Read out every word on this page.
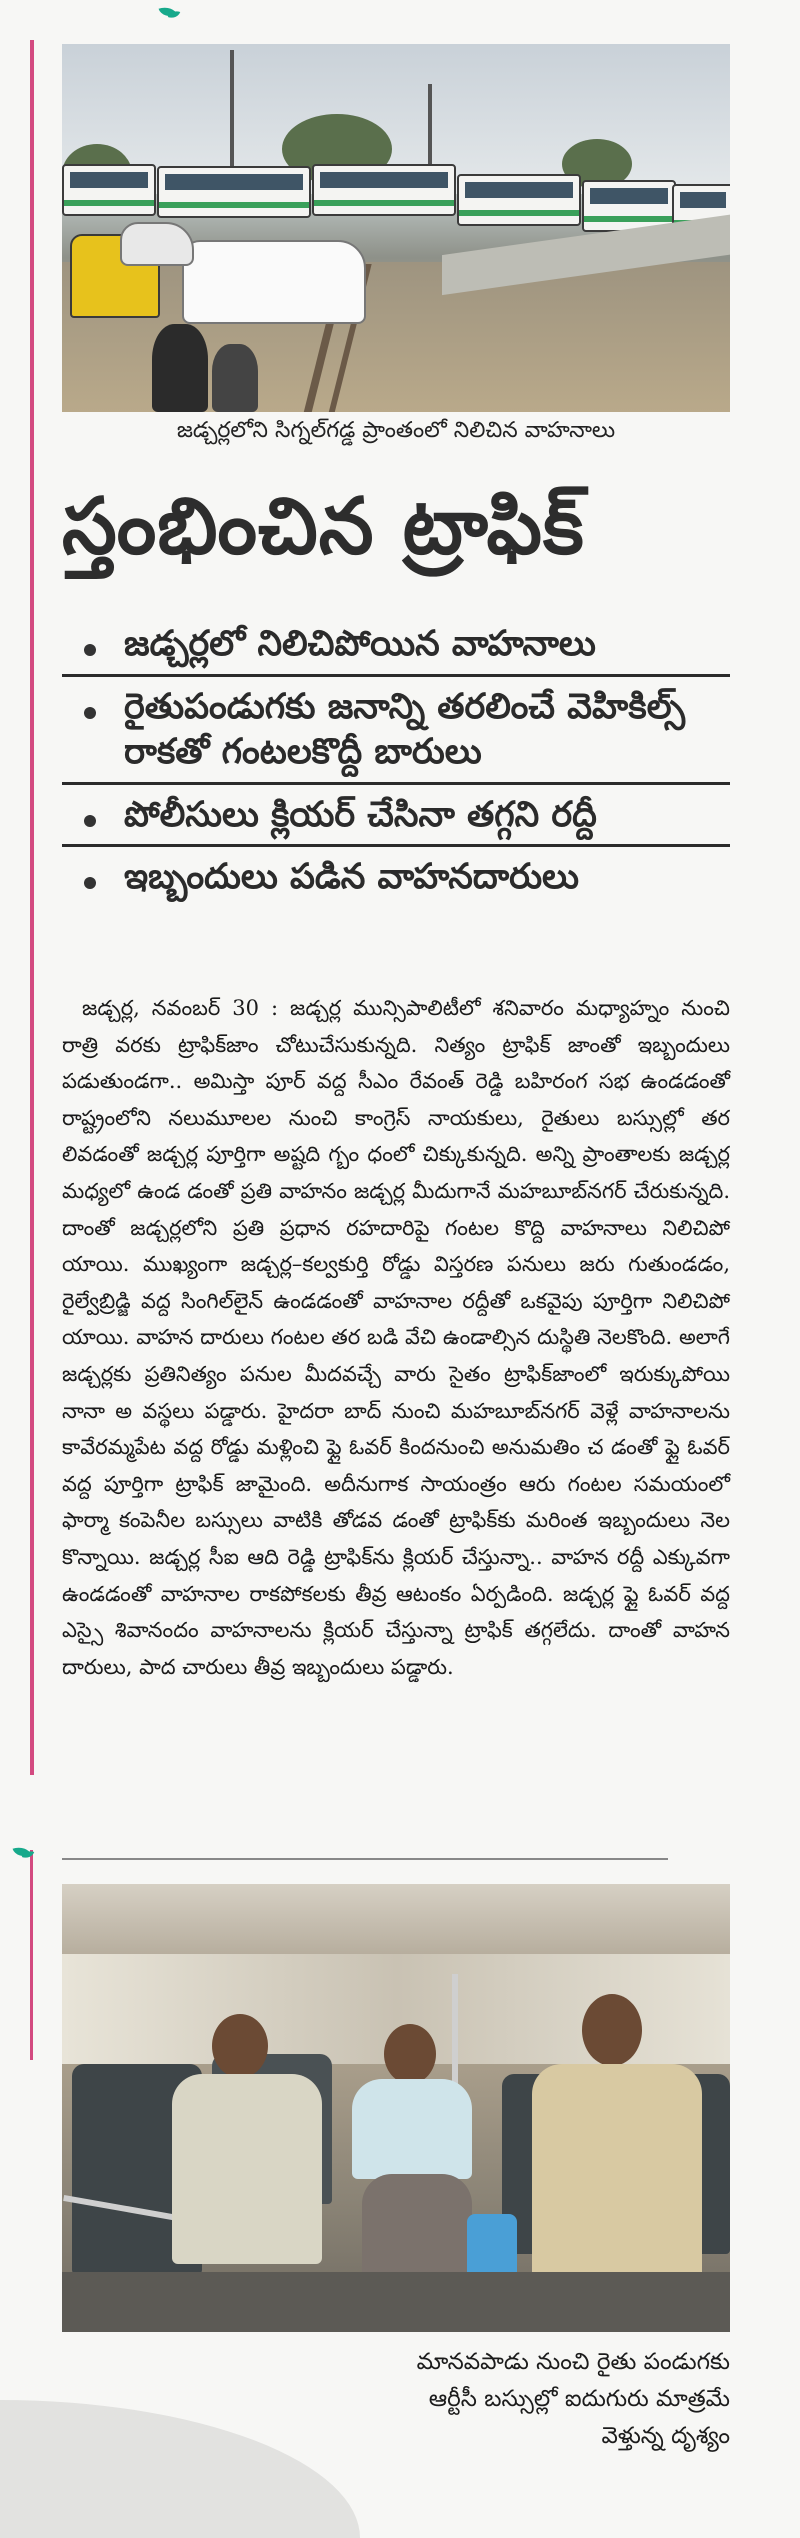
జడ్చర్లలోని సిగ్నల్‌గడ్డ ప్రాంతంలో నిలిచిన వాహనాలు
స్తంభించిన ట్రాఫిక్‌
జడ్చర్లలో నిలిచిపోయిన వాహనాలు
రైతుపండుగకు జనాన్ని తరలించే వెహికిల్స్‌ రాకతో గంటలకొద్దీ బారులు
పోలీసులు క్లియర్‌ చేసినా తగ్గని రద్దీ
ఇబ్బందులు పడిన వాహనదారులు

జడ్చర్ల, నవంబర్‌ 30 : జడ్చర్ల మున్సిపాలిటీలో శనివారం మధ్యాహ్నం నుంచి రాత్రి వరకు ట్రాఫిక్‌జాం చోటుచేసుకున్నది. నిత్యం ట్రాఫిక్‌ జాంతో ఇబ్బందులు పడుతుండగా.. అమిస్తా పూర్‌ వద్ద సీఎం రేవంత్‌ రెడ్డి బహిరంగ సభ ఉండడంతో రాష్ట్రంలోని నలుమూలల నుంచి కాంగ్రెస్‌ నాయకులు, రైతులు బస్సుల్లో తర లివడంతో జడ్చర్ల పూర్తిగా అష్టది గ్బం ధంలో చిక్కుకున్నది. అన్ని ప్రాంతాలకు జడ్చర్ల మధ్యలో ఉండ డంతో ప్రతి వాహనం జడ్చర్ల మీదుగానే మహబూబ్‌నగర్‌ చేరుకున్నది. దాంతో జడ్చర్లలోని ప్రతి ప్రధాన రహదారిపై గంటల కొద్ది వాహనాలు నిలిచిపో యాయి. ముఖ్యంగా జడ్చర్ల–కల్వకుర్తి రోడ్డు విస్తరణ పనులు జరు గుతుండడం, రైల్వేబ్రిడ్జి వద్ద సింగిల్‌లైన్‌ ఉండడంతో వాహనాల రద్దీతో ఒకవైపు పూర్తిగా నిలిచిపో యాయి. వాహన దారులు గంటల తర బడి వేచి ఉండాల్సిన దుస్థితి నెలకొంది. అలాగే జడ్చర్లకు ప్రతినిత్యం పనుల మీదవచ్చే వారు సైతం ట్రాఫిక్‌జాంలో ఇరుక్కుపోయి నానా అ వస్థలు పడ్డారు. హైదరా బాద్‌ నుంచి మహబూబ్‌నగర్‌ వెళ్లే వాహనాలను కావేరమ్మపేట వద్ద రోడ్డు మళ్లించి ఫ్లై ఓవర్‌ కిందనుంచి అనుమతిం చ డంతో ఫ్లై ఓవర్‌ వద్ద పూర్తిగా ట్రాఫిక్‌ జామైంది. అదీనుగాక సాయంత్రం ఆరు గంటల సమయంలో ఫార్మా కంపెనీల బస్సులు వాటికి తోడవ డంతో ట్రాఫిక్‌కు మరింత ఇబ్బందులు నెల కొన్నాయి. జడ్చర్ల సీఐ ఆది రెడ్డి ట్రాఫిక్‌ను క్లియర్‌ చేస్తున్నా.. వాహన రద్దీ ఎక్కువగా ఉండడంతో వాహనాల రాకపోకలకు తీవ్ర ఆటంకం ఏర్పడింది. జడ్చర్ల ఫ్లై ఓవర్‌ వద్ద ఎస్సై శివానందం వాహనాలను క్లియర్‌ చేస్తున్నా ట్రాఫిక్‌ తగ్గలేదు. దాంతో వాహన దారులు, పాద చారులు తీవ్ర ఇబ్బందులు పడ్డారు.

మానవపాడు నుంచి రైతు పండుగకు
ఆర్టీసీ బస్సుల్లో ఐదుగురు మాత్రమే
వెళ్తున్న దృశ్యం
